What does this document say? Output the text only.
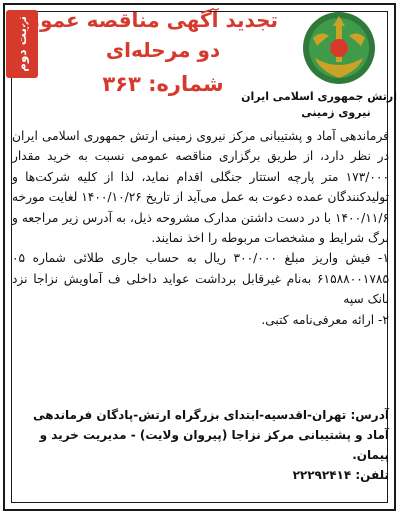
نوبت دوم
تجدید آگهی مناقصه عمومی
دو مرحله‌ای
شماره: ۳۶۳
ارتش جمهوری اسلامی ایران
نیروی زمینی

فرماندهی آماد و پشتیبانی مرکز نیروی زمینی ارتش جمهوری اسلامی ایران در نظر دارد، از طریق برگزاری مناقصه عمومی نسبت به خرید مقدار ۱۷۳/۰۰۰ متر پارچه استتار جنگلی اقدام نماید، لذا از کلیه شرکت‌ها و تولیدکنندگان عمده دعوت به عمل می‌آید از تاریخ ۱۴۰۰/۱۰/۲۶ لغایت مورخه ۱۴۰۰/۱۱/۶ با در دست داشتن مدارک مشروحه ذیل، به آدرس زیر مراجعه و برگ شرایط و مشخصات مربوطه را اخذ نمایند.

۱- فیش واریز مبلغ ۳۰۰/۰۰۰ ریال به حساب جاری طلائی شماره ۰۵ ۶۱۵۸۸۰۰۱۷۸۵ به‌نام غیرقابل برداشت عواید داخلی ف آماویش نزاجا نزد بانک سپه

۲- ارائه معرفی‌نامه کتبی.

آدرس: تهران-اقدسیه-ابتدای بزرگراه ارتش-پادگان فرماندهی آماد و پشتیبانی مرکز نزاجا (پیروان ولایت) - مدیریت خرید و پیمان.

تلفن: ۲۲۲۹۲۴۱۴
